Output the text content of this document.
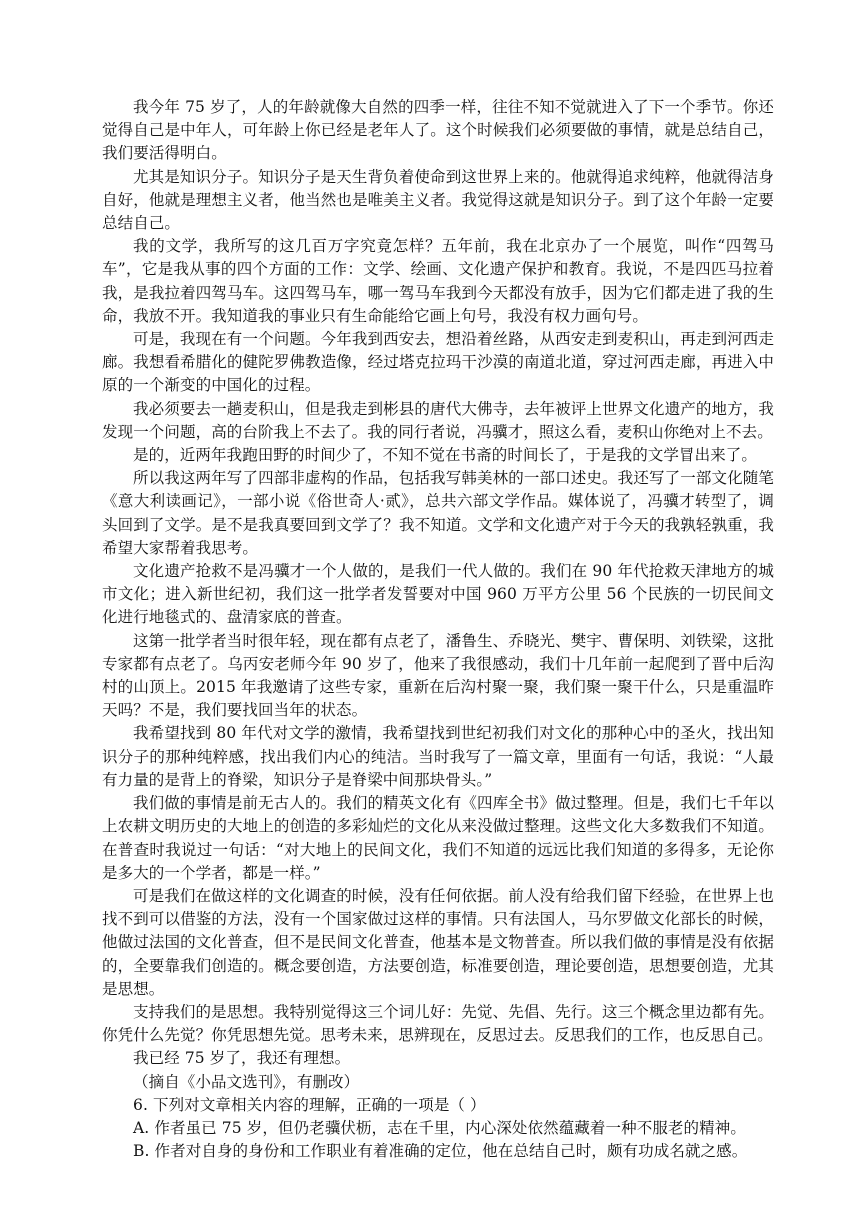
我今年 75 岁了，人的年龄就像大自然的四季一样，往往不知不觉就进入了下一个季节。你还觉得自己是中年人，可年龄上你已经是老年人了。这个时候我们必须要做的事情，就是总结自己，我们要活得明白。

尤其是知识分子。知识分子是天生背负着使命到这世界上来的。他就得追求纯粹，他就得洁身自好，他就是理想主义者，他当然也是唯美主义者。我觉得这就是知识分子。到了这个年龄一定要总结自己。

我的文学，我所写的这几百万字究竟怎样？五年前，我在北京办了一个展览，叫作“四驾马车”，它是我从事的四个方面的工作：文学、绘画、文化遗产保护和教育。我说，不是四匹马拉着我，是我拉着四驾马车。这四驾马车，哪一驾马车我到今天都没有放手，因为它们都走进了我的生命，我放不开。我知道我的事业只有生命能给它画上句号，我没有权力画句号。

可是，我现在有一个问题。今年我到西安去，想沿着丝路，从西安走到麦积山，再走到河西走廊。我想看希腊化的健陀罗佛教造像，经过塔克拉玛干沙漠的南道北道，穿过河西走廊，再进入中原的一个渐变的中国化的过程。

我必须要去一趟麦积山，但是我走到彬县的唐代大佛寺，去年被评上世界文化遗产的地方，我发现一个问题，高的台阶我上不去了。我的同行者说，冯骥才，照这么看，麦积山你绝对上不去。

是的，近两年我跑田野的时间少了，不知不觉在书斋的时间长了，于是我的文学冒出来了。

所以我这两年写了四部非虚构的作品，包括我写韩美林的一部口述史。我还写了一部文化随笔《意大利读画记》，一部小说《俗世奇人·贰》，总共六部文学作品。媒体说了，冯骥才转型了，调头回到了文学。是不是我真要回到文学了？我不知道。文学和文化遗产对于今天的我孰轻孰重，我希望大家帮着我思考。

文化遗产抢救不是冯骥才一个人做的，是我们一代人做的。我们在 90 年代抢救天津地方的城市文化；进入新世纪初，我们这一批学者发誓要对中国 960 万平方公里 56 个民族的一切民间文化进行地毯式的、盘清家底的普查。

这第一批学者当时很年轻，现在都有点老了，潘鲁生、乔晓光、樊宇、曹保明、刘铁梁，这批专家都有点老了。乌丙安老师今年 90 岁了，他来了我很感动，我们十几年前一起爬到了晋中后沟村的山顶上。2015 年我邀请了这些专家，重新在后沟村聚一聚，我们聚一聚干什么，只是重温昨天吗？不是，我们要找回当年的状态。

我希望找到 80 年代对文学的激情，我希望找到世纪初我们对文化的那种心中的圣火，找出知识分子的那种纯粹感，找出我们内心的纯洁。当时我写了一篇文章，里面有一句话，我说：“人最有力量的是背上的脊梁，知识分子是脊梁中间那块骨头。”

我们做的事情是前无古人的。我们的精英文化有《四库全书》做过整理。但是，我们七千年以上农耕文明历史的大地上的创造的多彩灿烂的文化从来没做过整理。这些文化大多数我们不知道。在普查时我说过一句话：“对大地上的民间文化，我们不知道的远远比我们知道的多得多，无论你是多大的一个学者，都是一样。”

可是我们在做这样的文化调查的时候，没有任何依据。前人没有给我们留下经验，在世界上也找不到可以借鉴的方法，没有一个国家做过这样的事情。只有法国人，马尔罗做文化部长的时候，他做过法国的文化普查，但不是民间文化普查，他基本是文物普查。所以我们做的事情是没有依据的，全要靠我们创造的。概念要创造，方法要创造，标准要创造，理论要创造，思想要创造，尤其是思想。

支持我们的是思想。我特别觉得这三个词儿好：先觉、先倡、先行。这三个概念里边都有先。你凭什么先觉？你凭思想先觉。思考未来，思辨现在，反思过去。反思我们的工作，也反思自己。

我已经 75 岁了，我还有理想。

（摘自《小品文选刊》，有删改）

6. 下列对文章相关内容的理解，正确的一项是（ ）

A. 作者虽已 75 岁，但仍老骥伏枥，志在千里，内心深处依然蕴藏着一种不服老的精神。

B. 作者对自身的身份和工作职业有着准确的定位，他在总结自己时，颇有功成名就之感。
